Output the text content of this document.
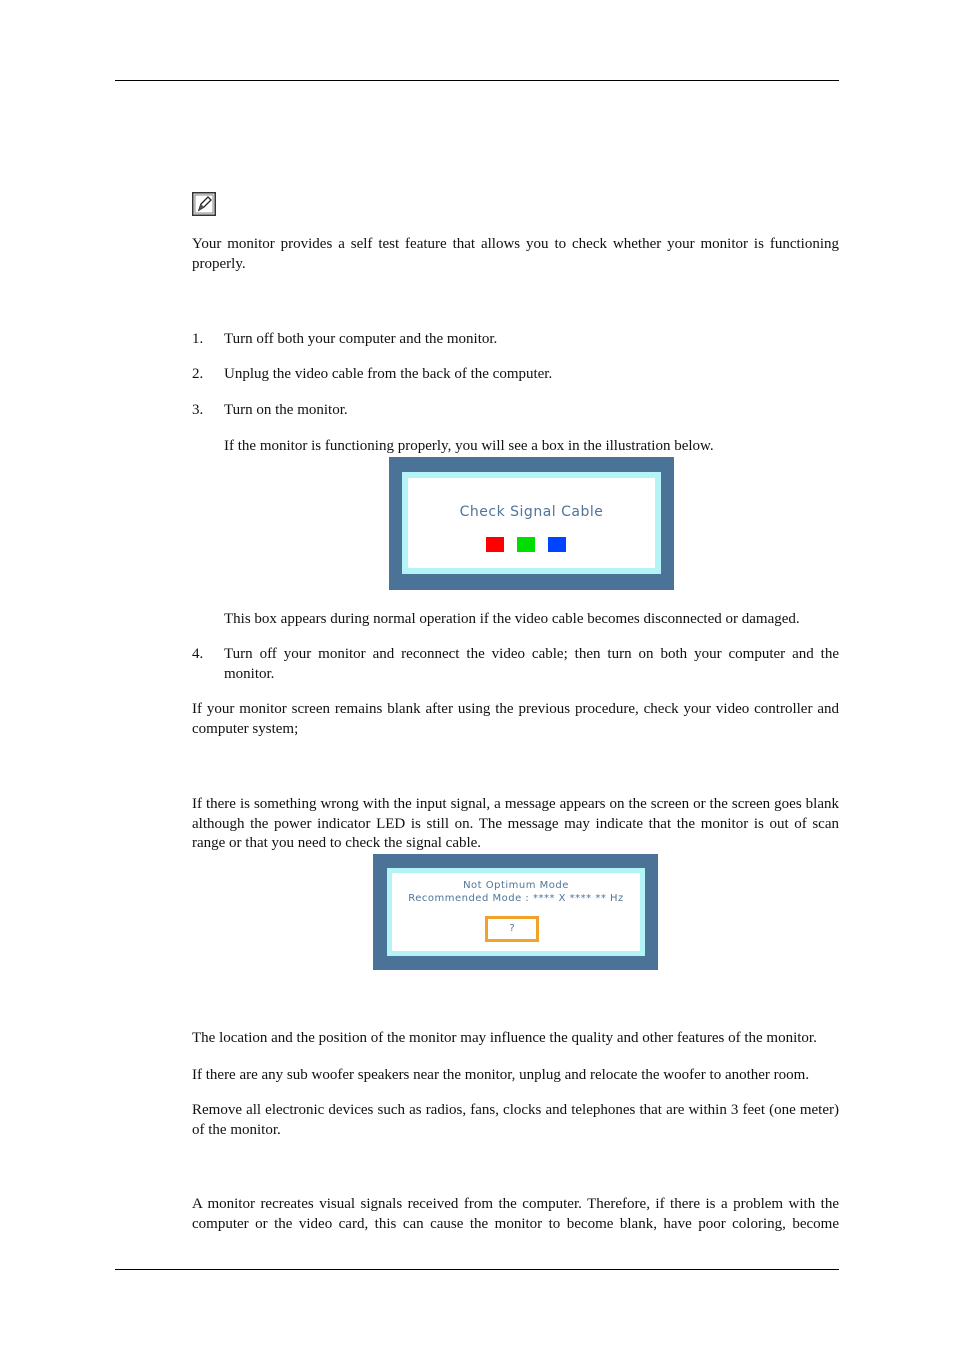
Your monitor provides a self test feature that allows you to check whether your monitor is functioning properly.

1. Turn off both your computer and the monitor.
2. Unplug the video cable from the back of the computer.
3. Turn on the monitor.
If the monitor is functioning properly, you will see a box in the illustration below.
Check Signal Cable
This box appears during normal operation if the video cable becomes disconnected or damaged.
4. Turn off your monitor and reconnect the video cable; then turn on both your computer and the monitor.

If your monitor screen remains blank after using the previous procedure, check your video controller and computer system;

If there is something wrong with the input signal, a message appears on the screen or the screen goes blank although the power indicator LED is still on. The message may indicate that the monitor is out of scan range or that you need to check the signal cable.

Not Optimum Mode
Recommended Mode : **** X **** ** Hz
?

The location and the position of the monitor may influence the quality and other features of the monitor.

If there are any sub woofer speakers near the monitor, unplug and relocate the woofer to another room.

Remove all electronic devices such as radios, fans, clocks and telephones that are within 3 feet (one meter) of the monitor.

A monitor recreates visual signals received from the computer. Therefore, if there is a problem with the computer or the video card, this can cause the monitor to become blank, have poor coloring, become
